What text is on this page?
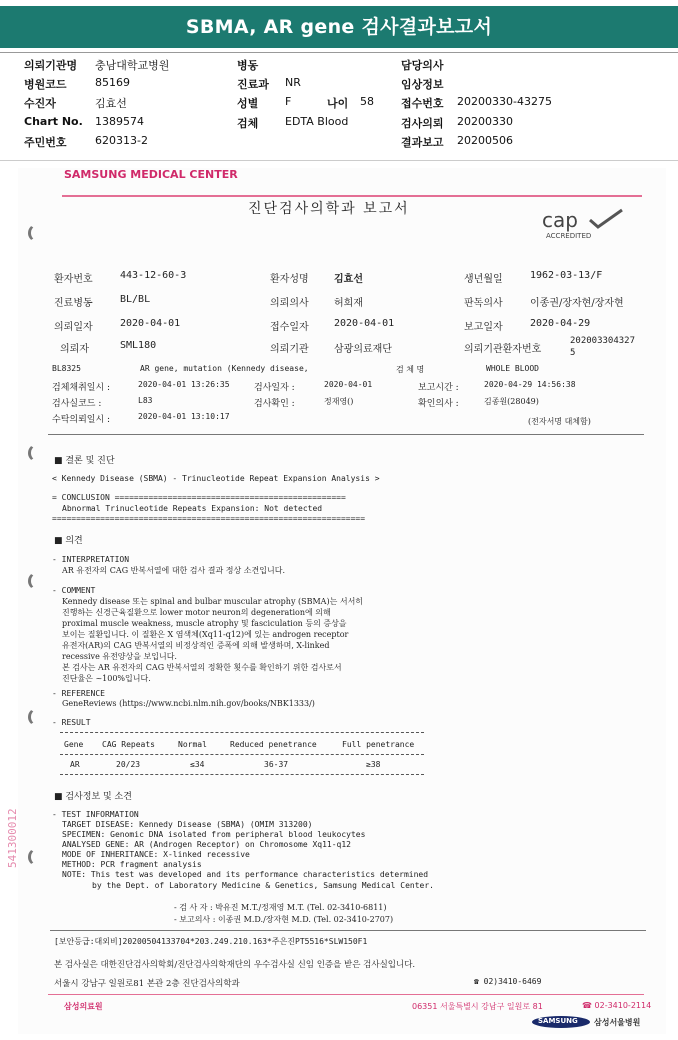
SBMA, AR gene 검사결과보고서
의뢰기관명 충남대학교병원
병원코드	85169
수진자	김효선
Chart No. 1389574
주민번호	620313-2
병동
진료과 NR
성별 F	나이 58
검체 EDTA Blood
담당의사
임상정보
접수번호 20200330-43275
검사의뢰 20200330
결과보고 20200506
SAMSUNG MEDICAL CENTER
진단검사의학과 보고서	cap
ACCREDITED
환자번호	443-12-60-3	환자성명	김효선	생년월일	1962-03-13/F
진료병동	BL/BL	의뢰의사	허희재	판독의사	이종권/장자현/장자현
의뢰일자	2020-04-01	접수일자	2020-04-01	보고일자	2020-04-29
의뢰자	SML180	의뢰기관	삼광의료재단	의뢰기관환자번호
202003304327
5
BL8325	AR gene, mutation (Kennedy disease,	검 체 명	WHOLE BLOOD
검체채취일시 :	2020-04-01 13:26:35	검사일자 :	2020-04-01	보고시간 :	2020-04-29 14:56:38
검사실코드 :	L83	검사확인 :	정재영()	확인의사 :	김종원(28049)
수탁의뢰일시 :	2020-04-01 13:10:17
(전자서명 대체함)
■ 결론 및 진단
< Kennedy Disease (SBMA) - Trinucleotide Repeat Expansion Analysis >
= CONCLUSION ================================================
Abnormal Trinucleotide Repeats Expansion: Not detected
=================================================================
■ 의견
- INTERPRETATION
AR 유전자의 CAG 반복서열에 대한 검사 결과 정상 소견입니다.
- COMMENT
Kennedy disease 또는 spinal and bulbar muscular atrophy (SBMA)는 서서히
진행하는 신경근육질환으로 lower motor neuron의 degeneration에 의해
proximal muscle weakness, muscle atrophy 및 fasciculation 등의 증상을
보이는 질환입니다. 이 질환은 X 염색체(Xq11-q12)에 있는 androgen receptor
유전자(AR)의 CAG 반복서열의 비정상적인 증폭에 의해 발생하며, X-linked
recessive 유전양상을 보입니다.
본 검사는 AR 유전자의 CAG 반복서열의 정확한 횟수를 확인하기 위한 검사로서
진단율은 ~100%입니다.
- REFERENCE
GeneReviews (https://www.ncbi.nlm.nih.gov/books/NBK1333/)
- RESULT
Gene CAG Repeats	Normal	Reduced penetrance	Full penetrance
AR	20/23	≤34	36-37	≥38
■ 검사정보 및 소견
- TEST INFORMATION
TARGET DISEASE: Kennedy Disease (SBMA) (OMIM 313200)
SPECIMEN: Genomic DNA isolated from peripheral blood leukocytes
ANALYSED GENE: AR (Androgen Receptor) on Chromosome Xq11-q12
MODE OF INHERITANCE: X-linked recessive
METHOD: PCR fragment analysis
NOTE: This test was developed and its performance characteristics determined
by the Dept. of Laboratory Medicine & Genetics, Samsung Medical Center.
- 검 사 자 : 박유진 M.T./정재영 M.T. (Tel. 02-3410-6811)
- 보고의사 : 이종권 M.D./장자현 M.D. (Tel. 02-3410-2707)
541300012
[보안등급:대외비]20200504133704*203.249.210.163*주은진PT5516*SLW150F1
본 검사실은 대한진단검사의학회/진단검사의학재단의 우수검사실 신임 인증을 받은 검사실입니다.
서울시 강남구 일원로81 본관 2층 진단검사의학과	☎ 02)3410-6469
삼성의료원	06351 서울특별시 강남구 일원로 81	☎ 02-3410-2114
SAMSUNG 삼성서울병원
